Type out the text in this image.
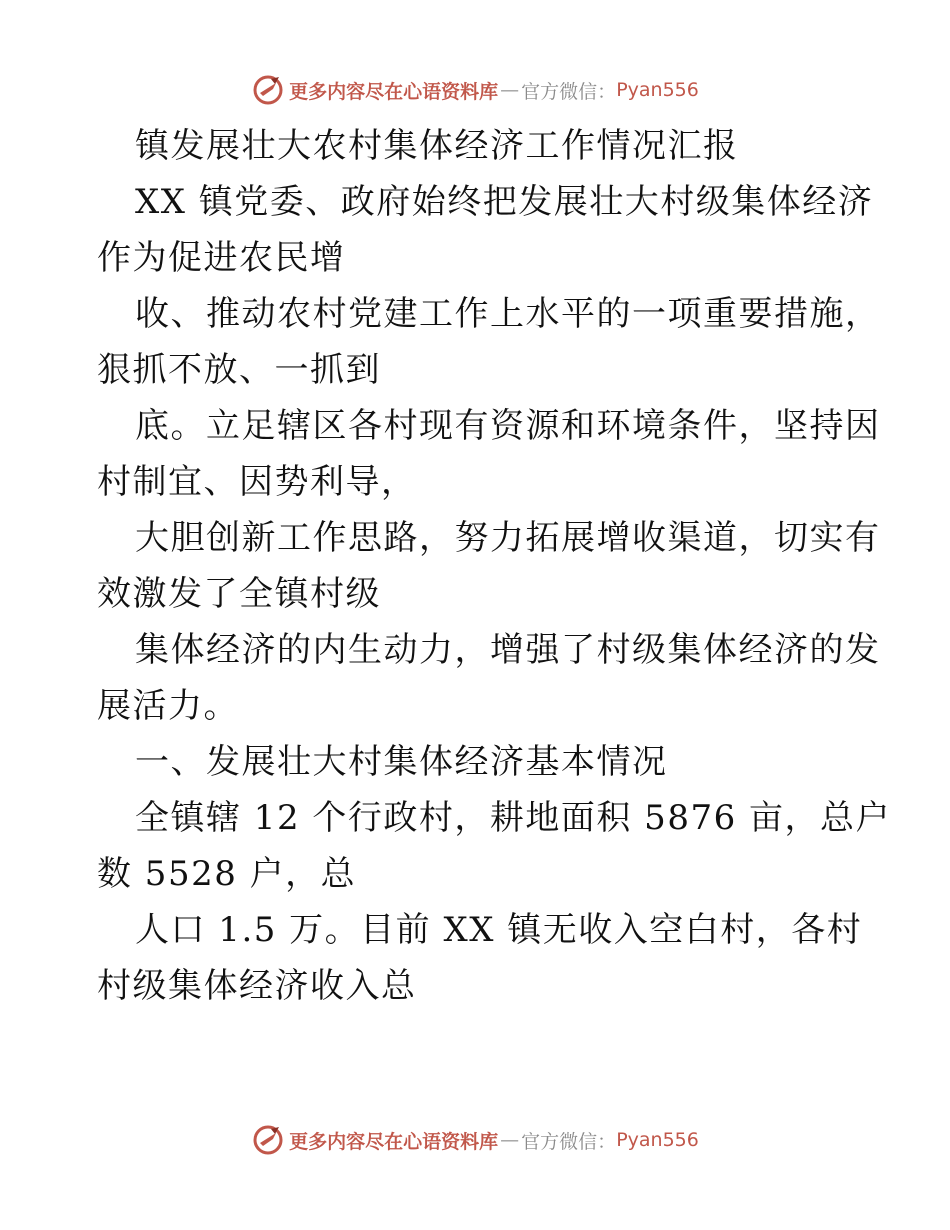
更多内容尽在心语资料库 — 官方微信： Pyan556
镇发展壮大农村集体经济工作情况汇报
XX 镇党委、政府始终把发展壮大村级集体经济
作为促进农民增
收、推动农村党建工作上水平的一项重要措施，
狠抓不放、一抓到
底。立足辖区各村现有资源和环境条件，坚持因
村制宜、因势利导，
大胆创新工作思路，努力拓展增收渠道，切实有
效激发了全镇村级
集体经济的内生动力，增强了村级集体经济的发
展活力。
一、发展壮大村集体经济基本情况
全镇辖 12 个行政村，耕地面积 5876 亩，总户
数 5528 户，总
人口 1.5 万。目前 XX 镇无收入空白村，各村
村级集体经济收入总
更多内容尽在心语资料库 — 官方微信： Pyan556
